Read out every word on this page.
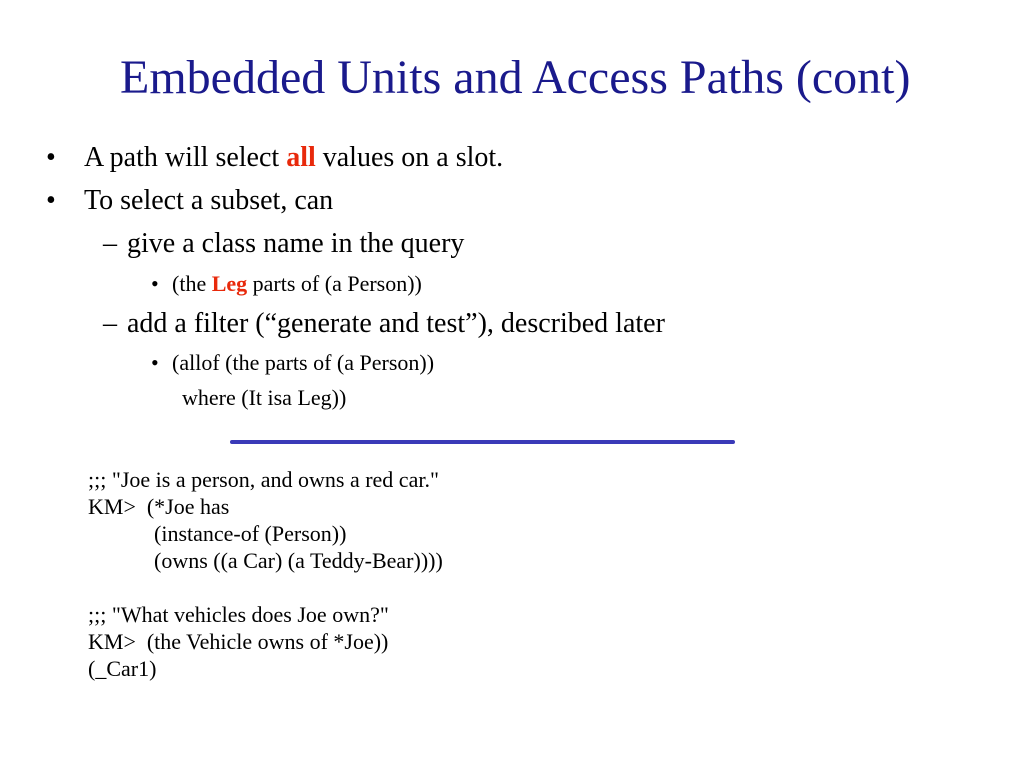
Embedded Units and Access Paths (cont)
• A path will select all values on a slot.
• To select a subset, can
– give a class name in the query
• (the Leg parts of (a Person))
– add a filter (“generate and test”), described later
• (allof (the parts of (a Person))
where (It isa Leg))
;;; "Joe is a person, and owns a red car."
KM>  (*Joe has
(instance-of (Person))
(owns ((a Car) (a Teddy-Bear))))

;;; "What vehicles does Joe own?"
KM>  (the Vehicle owns of *Joe))
(_Car1)
